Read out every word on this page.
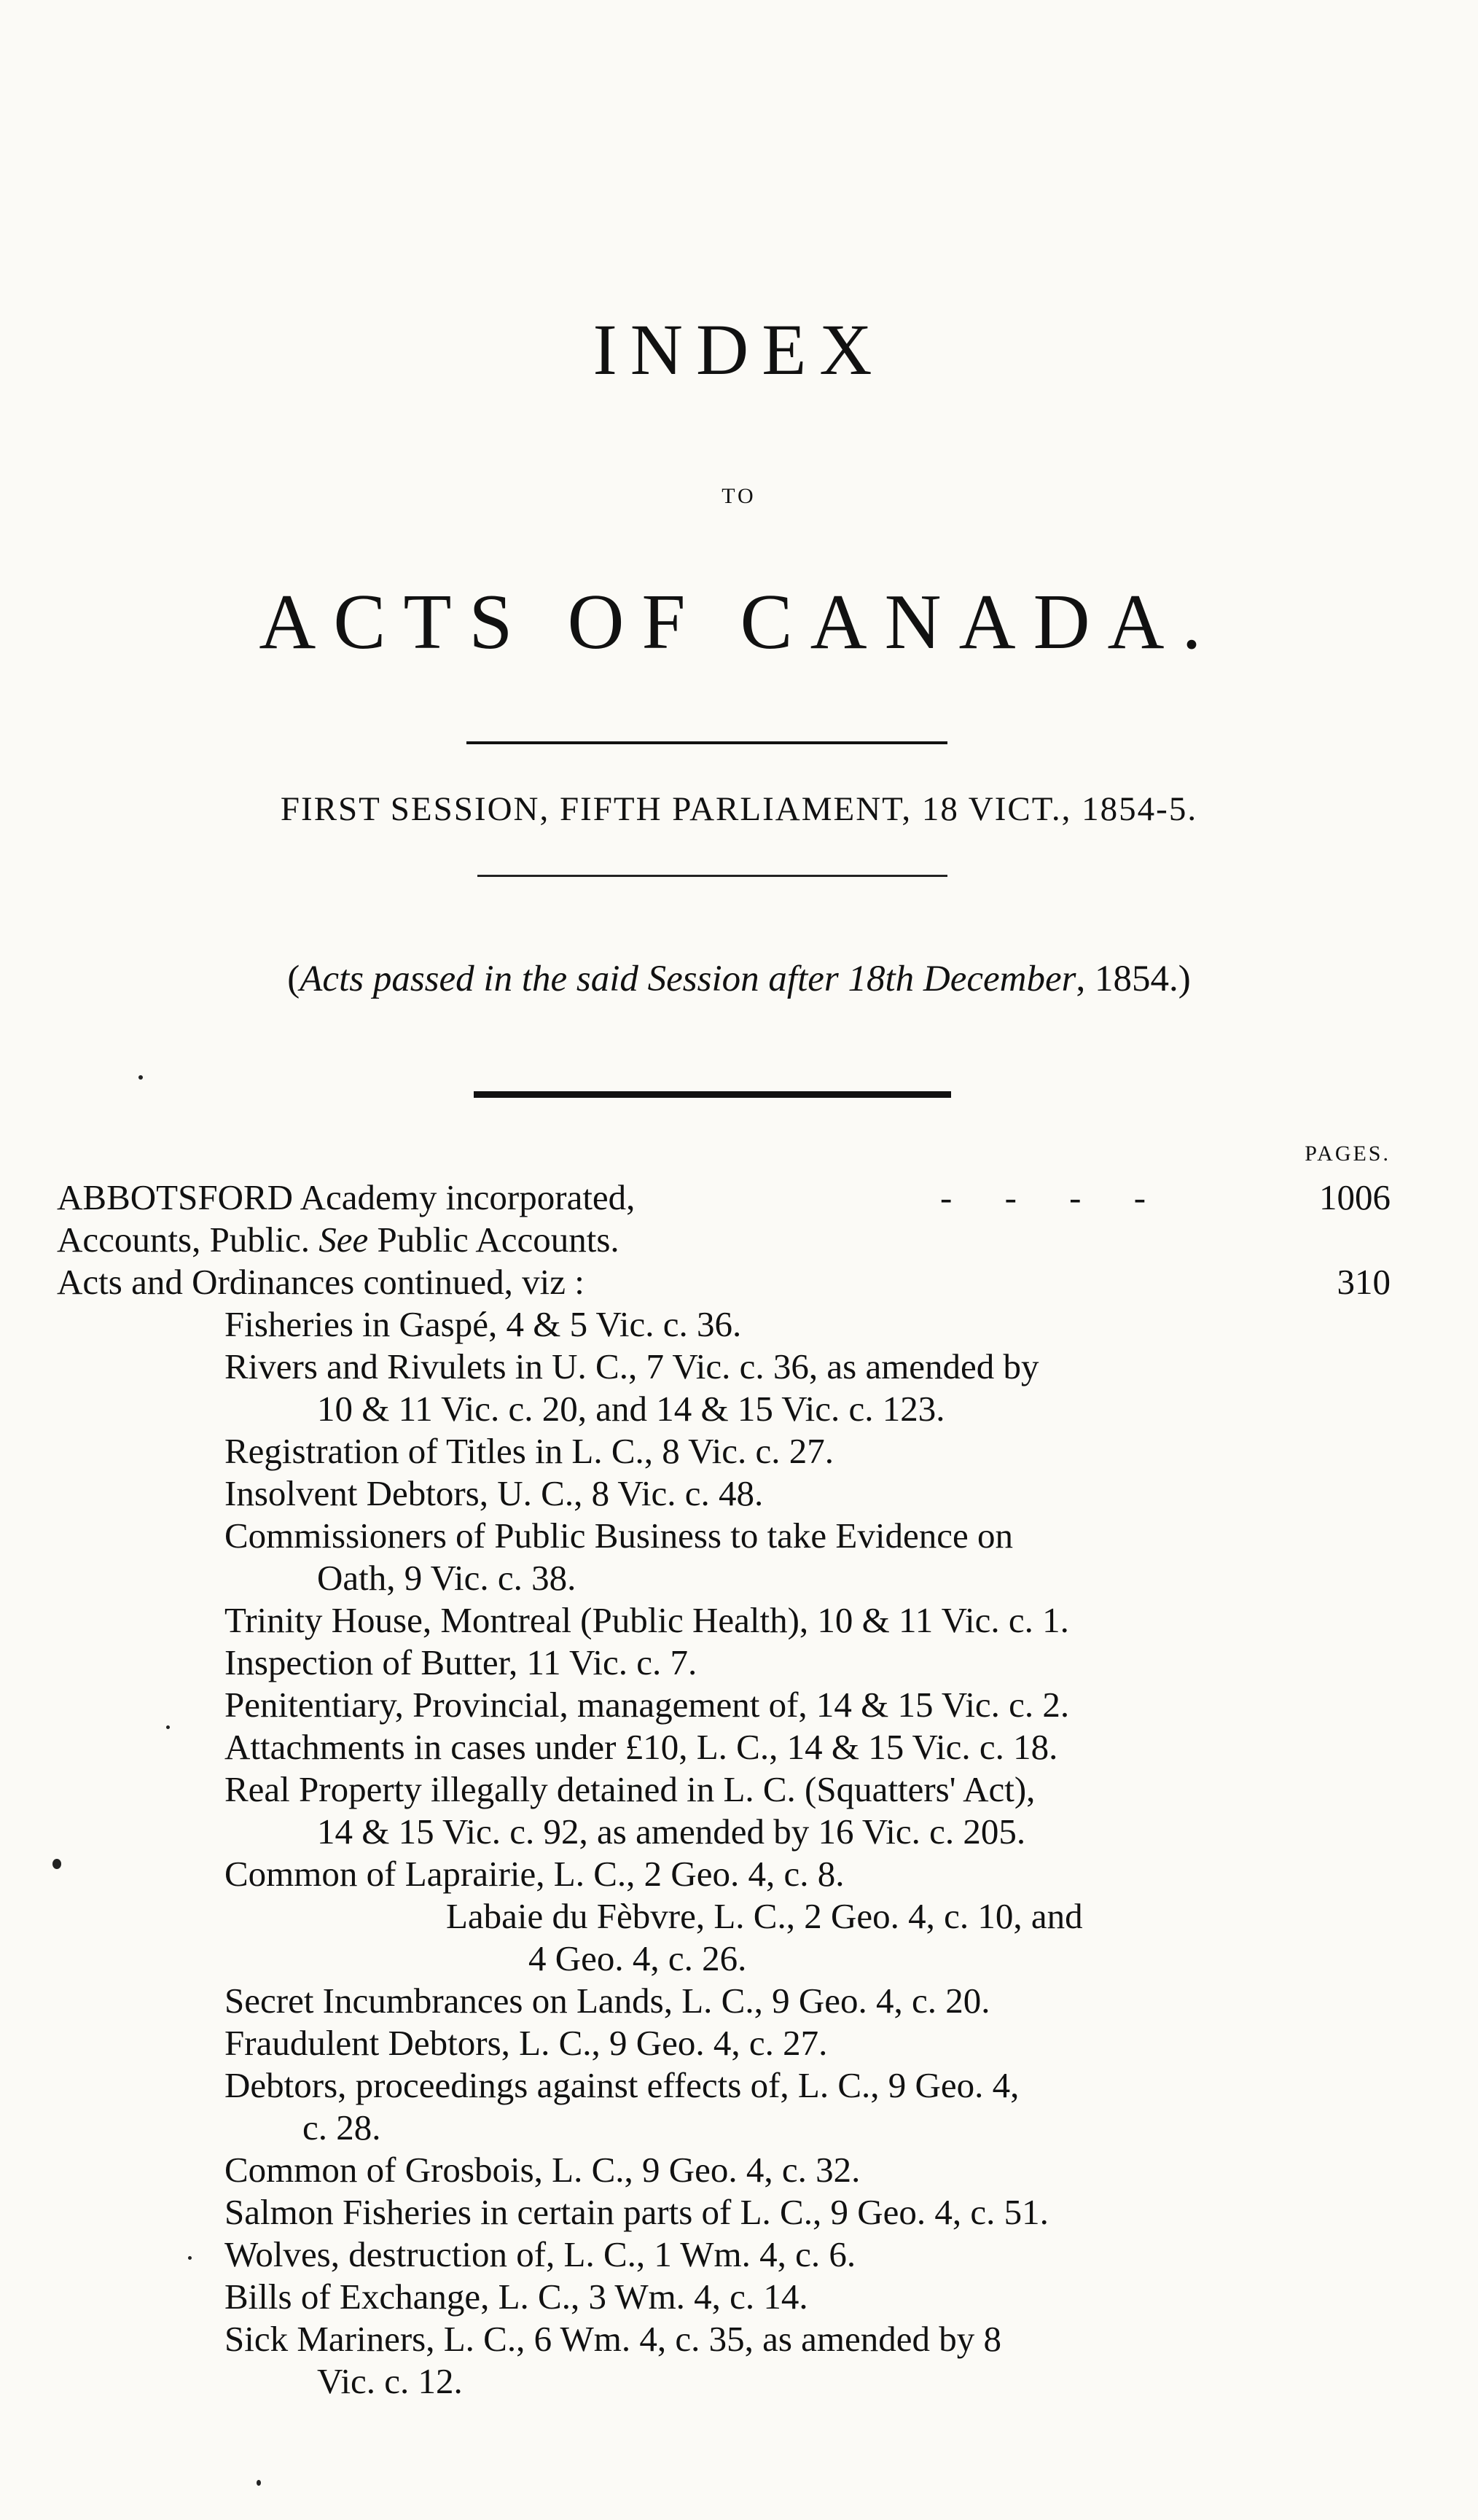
INDEX
TO
ACTS OF CANADA.
FIRST SESSION, FIFTH PARLIAMENT, 18 VICT., 1854-5.
(Acts passed in the said Session after 18th December, 1854.)
PAGES.
ABBOTSFORD Academy incorporated,	- - - -	1006
Accounts, Public. See Public Accounts.
Acts and Ordinances continued, viz :	310
Fisheries in Gaspé, 4 & 5 Vic. c. 36.
Rivers and Rivulets in U. C., 7 Vic. c. 36, as amended by
10 & 11 Vic. c. 20, and 14 & 15 Vic. c. 123.
Registration of Titles in L. C., 8 Vic. c. 27.
Insolvent Debtors, U. C., 8 Vic. c. 48.
Commissioners of Public Business to take Evidence on
Oath, 9 Vic. c. 38.
Trinity House, Montreal (Public Health), 10 & 11 Vic. c. 1.
Inspection of Butter, 11 Vic. c. 7.
Penitentiary, Provincial, management of, 14 & 15 Vic. c. 2.
Attachments in cases under £10, L. C., 14 & 15 Vic. c. 18.
Real Property illegally detained in L. C. (Squatters' Act),
14 & 15 Vic. c. 92, as amended by 16 Vic. c. 205.
Common of Laprairie, L. C., 2 Geo. 4, c. 8.
Labaie du Fèbvre, L. C., 2 Geo. 4, c. 10, and
4 Geo. 4, c. 26.
Secret Incumbrances on Lands, L. C., 9 Geo. 4, c. 20.
Fraudulent Debtors, L. C., 9 Geo. 4, c. 27.
Debtors, proceedings against effects of, L. C., 9 Geo. 4,
c. 28.
Common of Grosbois, L. C., 9 Geo. 4, c. 32.
Salmon Fisheries in certain parts of L. C., 9 Geo. 4, c. 51.
Wolves, destruction of, L. C., 1 Wm. 4, c. 6.
Bills of Exchange, L. C., 3 Wm. 4, c. 14.
Sick Mariners, L. C., 6 Wm. 4, c. 35, as amended by 8
Vic. c. 12.
